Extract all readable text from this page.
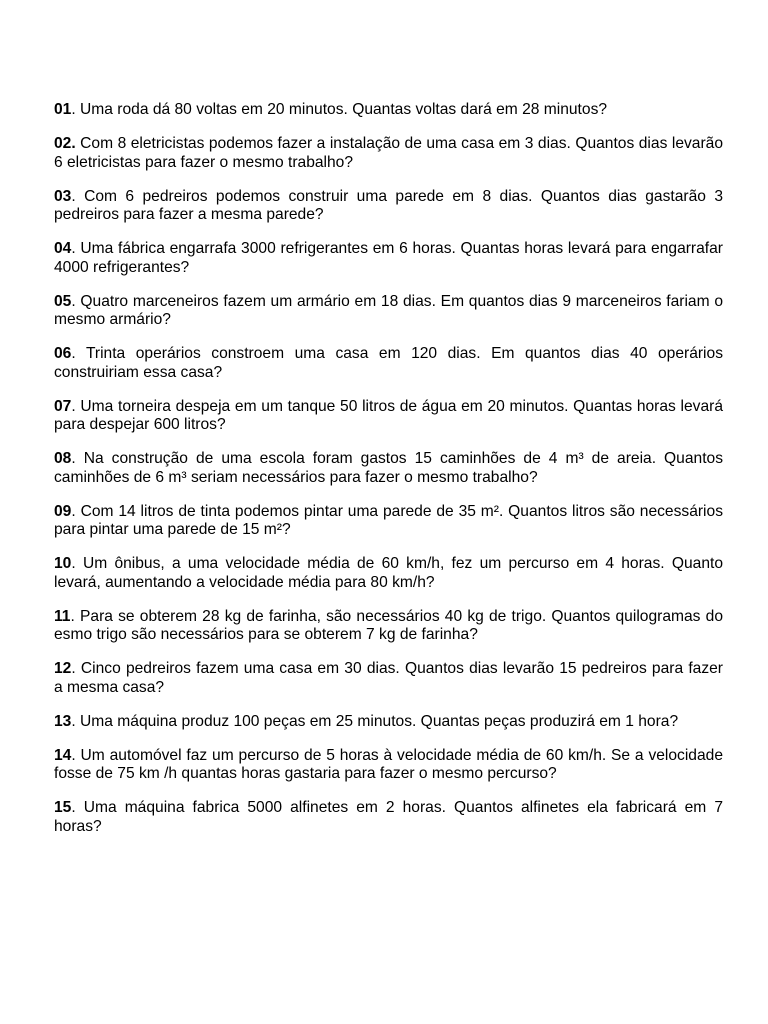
01. Uma roda dá 80 voltas em 20 minutos. Quantas voltas dará em 28 minutos?

02. Com 8 eletricistas podemos fazer a instalação de uma casa em 3 dias. Quantos dias levarão 6 eletricistas para fazer o mesmo trabalho?

03. Com 6 pedreiros podemos construir uma parede em 8 dias. Quantos dias gastarão 3 pedreiros para fazer a mesma parede?

04. Uma fábrica engarrafa 3000 refrigerantes em 6 horas. Quantas horas levará para engarrafar 4000 refrigerantes?

05. Quatro marceneiros fazem um armário em 18 dias. Em quantos dias 9 marceneiros fariam o mesmo armário?

06. Trinta operários constroem uma casa em 120 dias. Em quantos dias 40 operários construiriam essa casa?

07. Uma torneira despeja em um tanque 50 litros de água em 20 minutos. Quantas horas levará para despejar 600 litros?

08. Na construção de uma escola foram gastos 15 caminhões de 4 m³ de areia. Quantos caminhões de 6 m³ seriam necessários para fazer o mesmo trabalho?

09. Com 14 litros de tinta podemos pintar uma parede de 35 m². Quantos litros são necessários para pintar uma parede de 15 m²?

10. Um ônibus, a uma velocidade média de 60 km/h, fez um percurso em 4 horas. Quanto levará, aumentando a velocidade média para 80 km/h?

11. Para se obterem 28 kg de farinha, são necessários 40 kg de trigo. Quantos quilogramas do esmo trigo são necessários para se obterem 7 kg de farinha?

12. Cinco pedreiros fazem uma casa em 30 dias. Quantos dias levarão 15 pedreiros para fazer a mesma casa?

13. Uma máquina produz 100 peças em 25 minutos. Quantas peças produzirá em 1 hora?

14. Um automóvel faz um percurso de 5 horas à velocidade média de 60 km/h. Se a velocidade fosse de 75 km /h quantas horas gastaria para fazer o mesmo percurso?

15. Uma máquina fabrica 5000 alfinetes em 2 horas. Quantos alfinetes ela fabricará em 7 horas?
